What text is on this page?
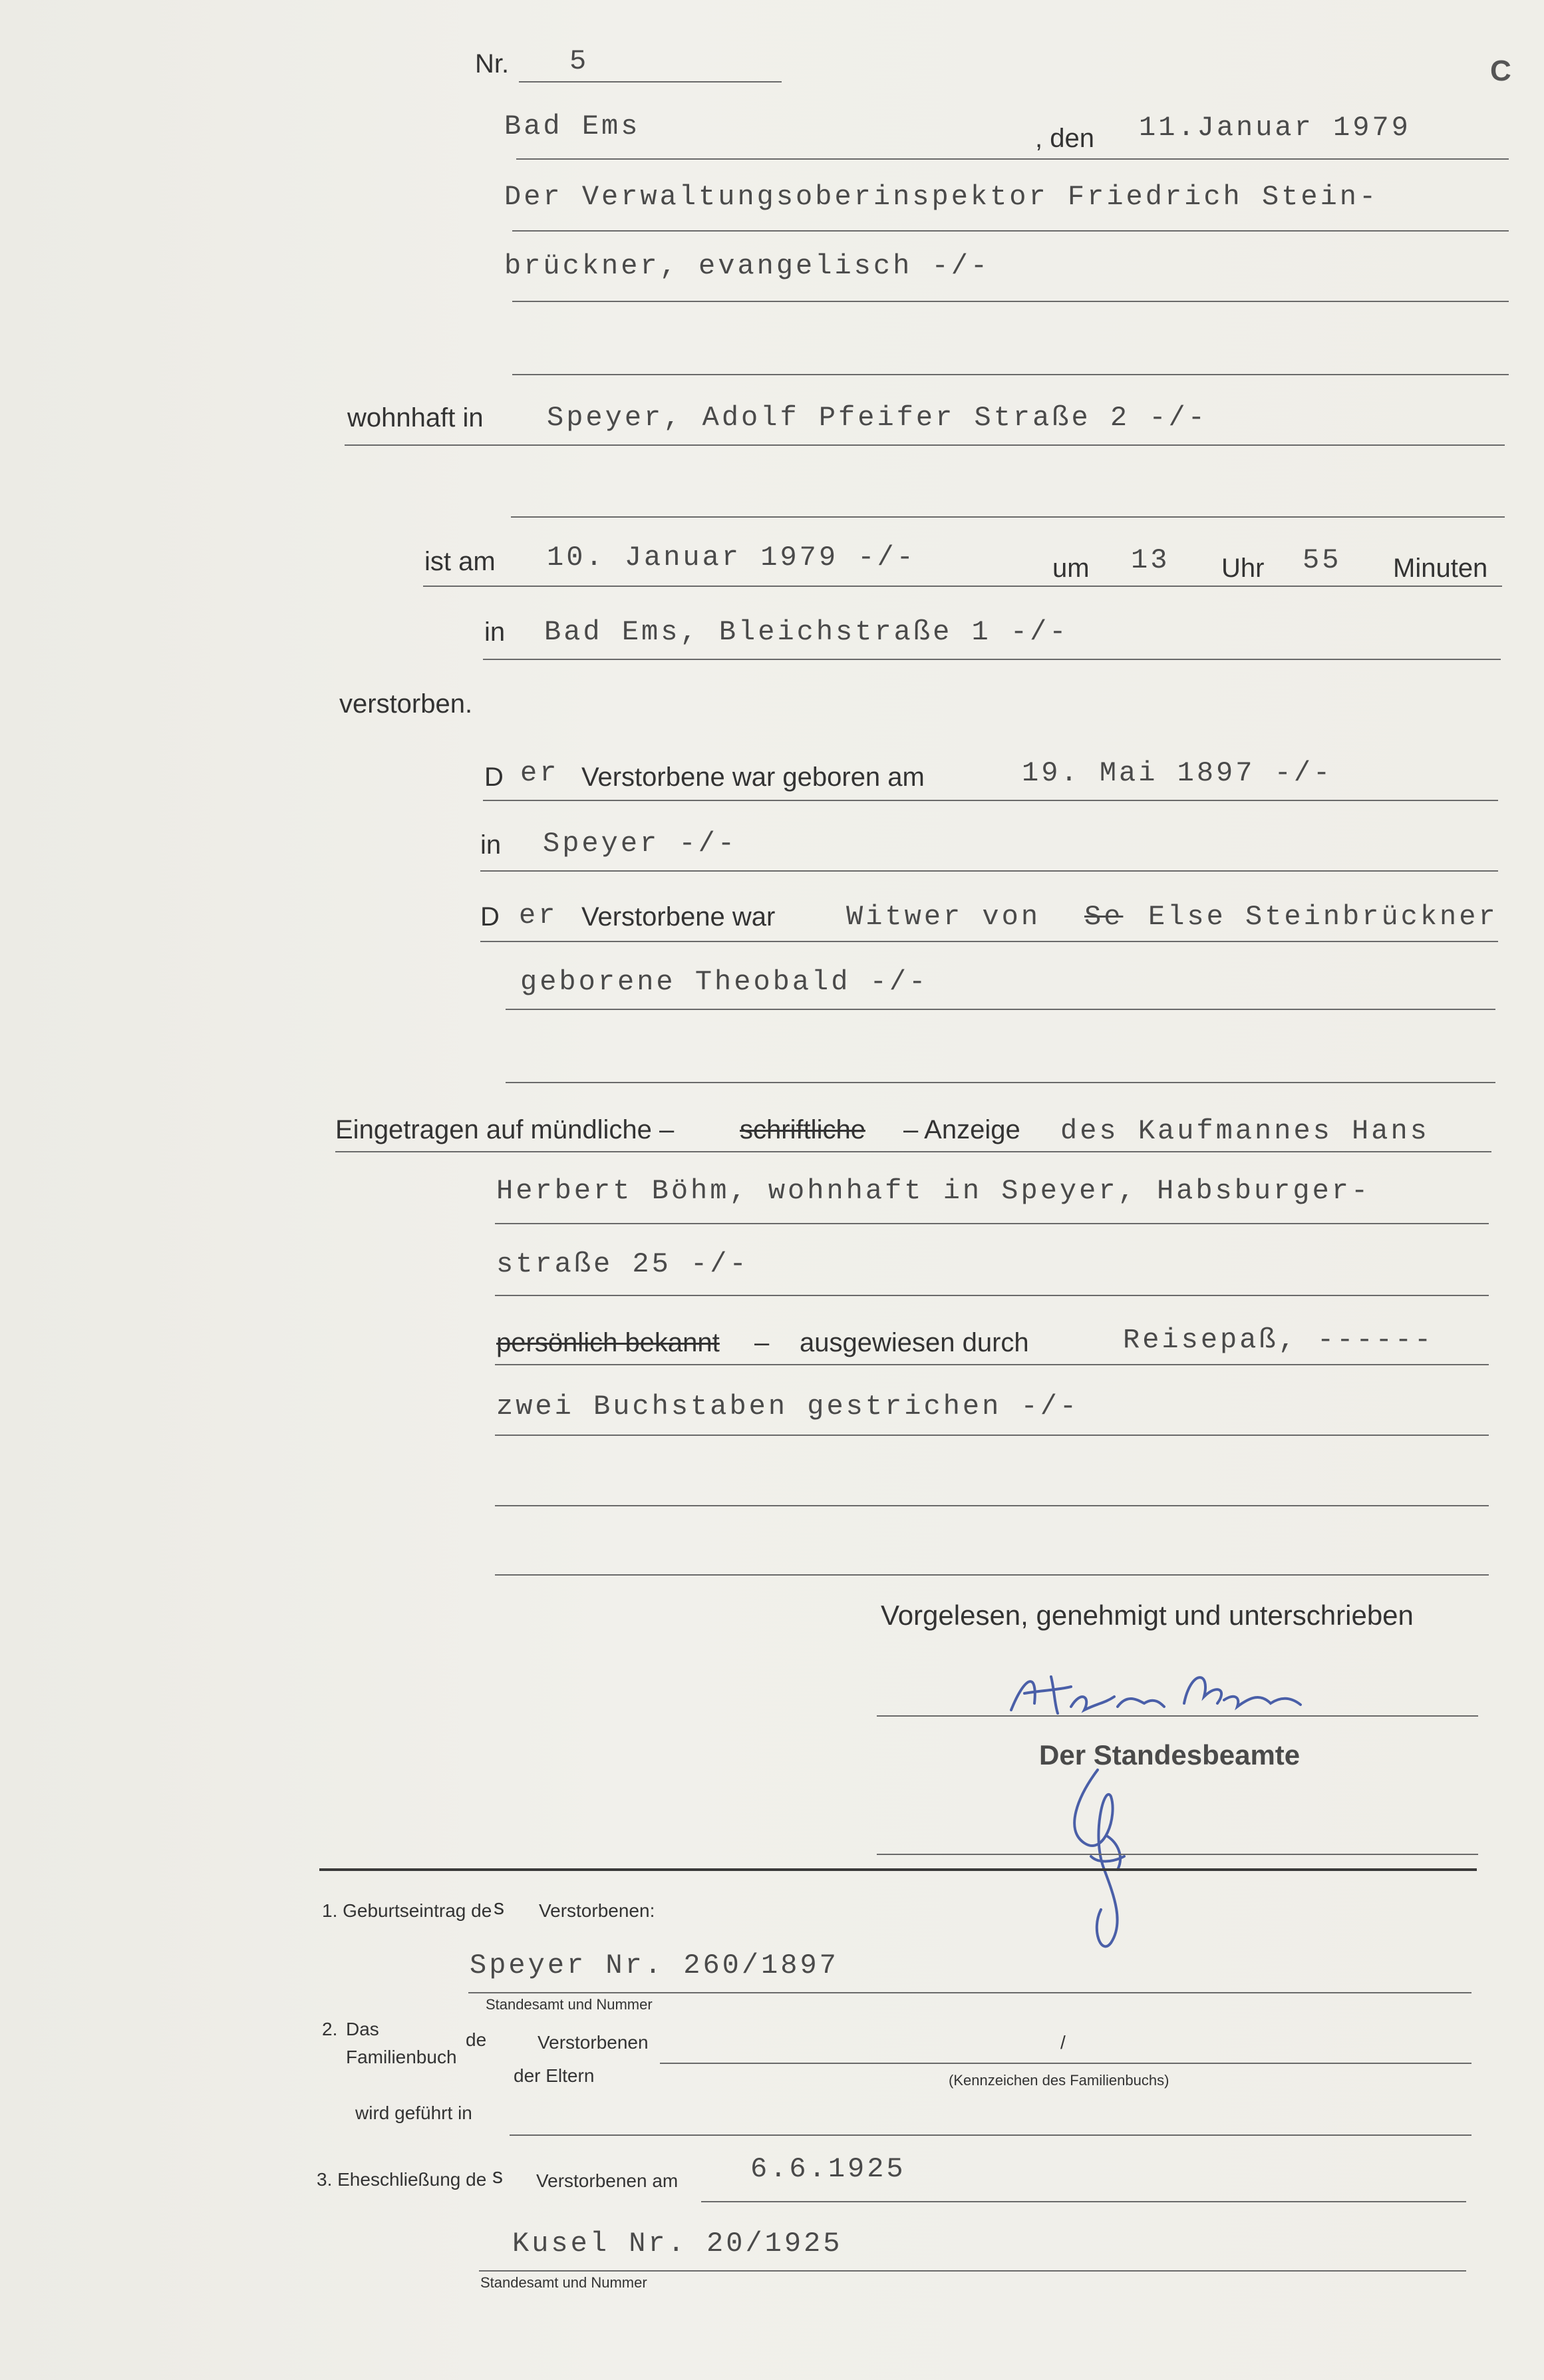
Nr. 5	C
Bad Ems	, den 11.Januar 1979
Der Verwaltungsoberinspektor Friedrich Stein-
brückner, evangelisch -/-
wohnhaft in Speyer, Adolf Pfeifer Straße 2 -/-
ist am 10. Januar 1979 -/-	um 13 Uhr 55 Minuten
in Bad Ems, Bleichstraße 1 -/-
verstorben.
D er Verstorbene war geboren am	19. Mai 1897 -/-
in Speyer -/-
D er Verstorbene war	Witwer von Se Else Steinbrückner
geborene Theobald -/-
Eingetragen auf mündliche – schriftliche – Anzeige des Kaufmannes Hans
Herbert Böhm, wohnhaft in Speyer, Habsburger-
straße 25 -/-
persönlich bekannt – ausgewiesen durch	Reisepaß, ------
zwei Buchstaben gestrichen -/-
Vorgelesen, genehmigt und unterschrieben
Der Standesbeamte
1. Geburtseintrag de s Verstorbenen:
Speyer Nr. 260/1897
Standesamt und Nummer
2. Das
Familienbuch
de	Verstorbenen	/
der Eltern	(Kennzeichen des Familienbuchs)
wird geführt in
3. Eheschließung de s Verstorbenen am	6.6.1925
Kusel Nr. 20/1925
Standesamt und Nummer
